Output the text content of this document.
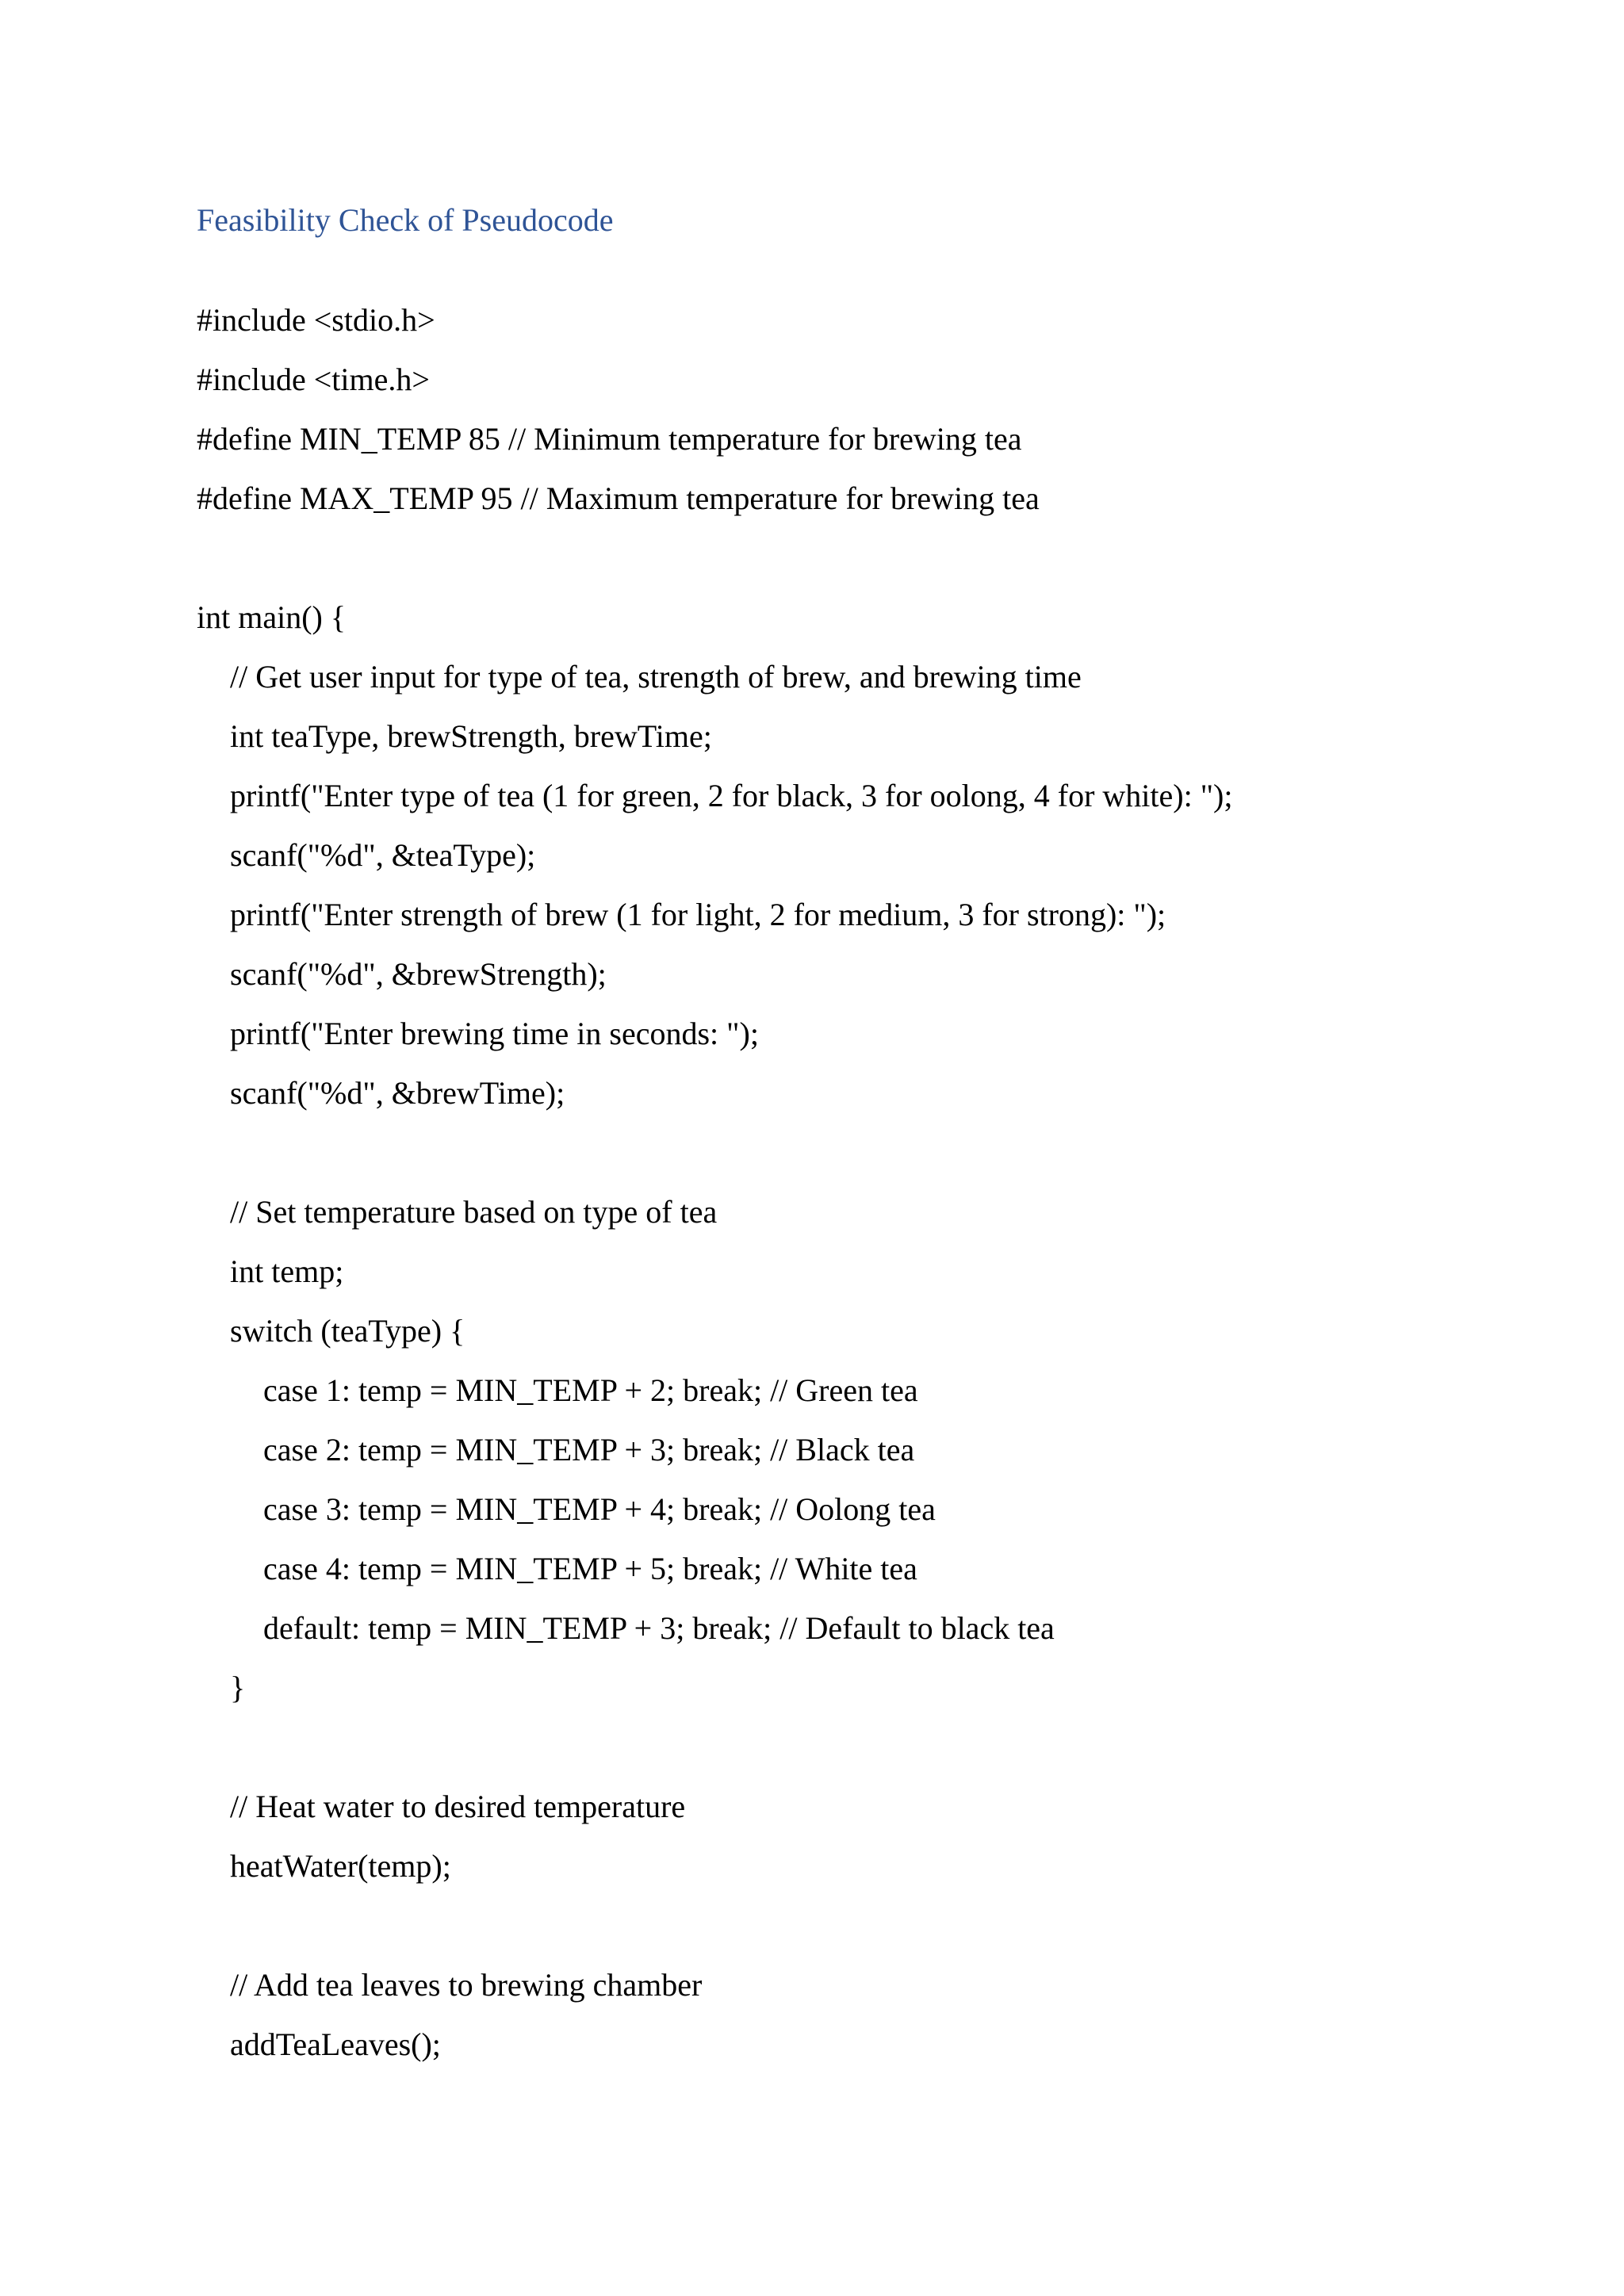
Feasibility Check of Pseudocode
#include <stdio.h>
#include <time.h>
#define MIN_TEMP 85 // Minimum temperature for brewing tea
#define MAX_TEMP 95 // Maximum temperature for brewing tea
int main() {
// Get user input for type of tea, strength of brew, and brewing time
int teaType, brewStrength, brewTime;
printf("Enter type of tea (1 for green, 2 for black, 3 for oolong, 4 for white): ");
scanf("%d", &teaType);
printf("Enter strength of brew (1 for light, 2 for medium, 3 for strong): ");
scanf("%d", &brewStrength);
printf("Enter brewing time in seconds: ");
scanf("%d", &brewTime);
// Set temperature based on type of tea
int temp;
switch (teaType) {
case 1: temp = MIN_TEMP + 2; break; // Green tea
case 2: temp = MIN_TEMP + 3; break; // Black tea
case 3: temp = MIN_TEMP + 4; break; // Oolong tea
case 4: temp = MIN_TEMP + 5; break; // White tea
default: temp = MIN_TEMP + 3; break; // Default to black tea
}
// Heat water to desired temperature
heatWater(temp);
// Add tea leaves to brewing chamber
addTeaLeaves();
